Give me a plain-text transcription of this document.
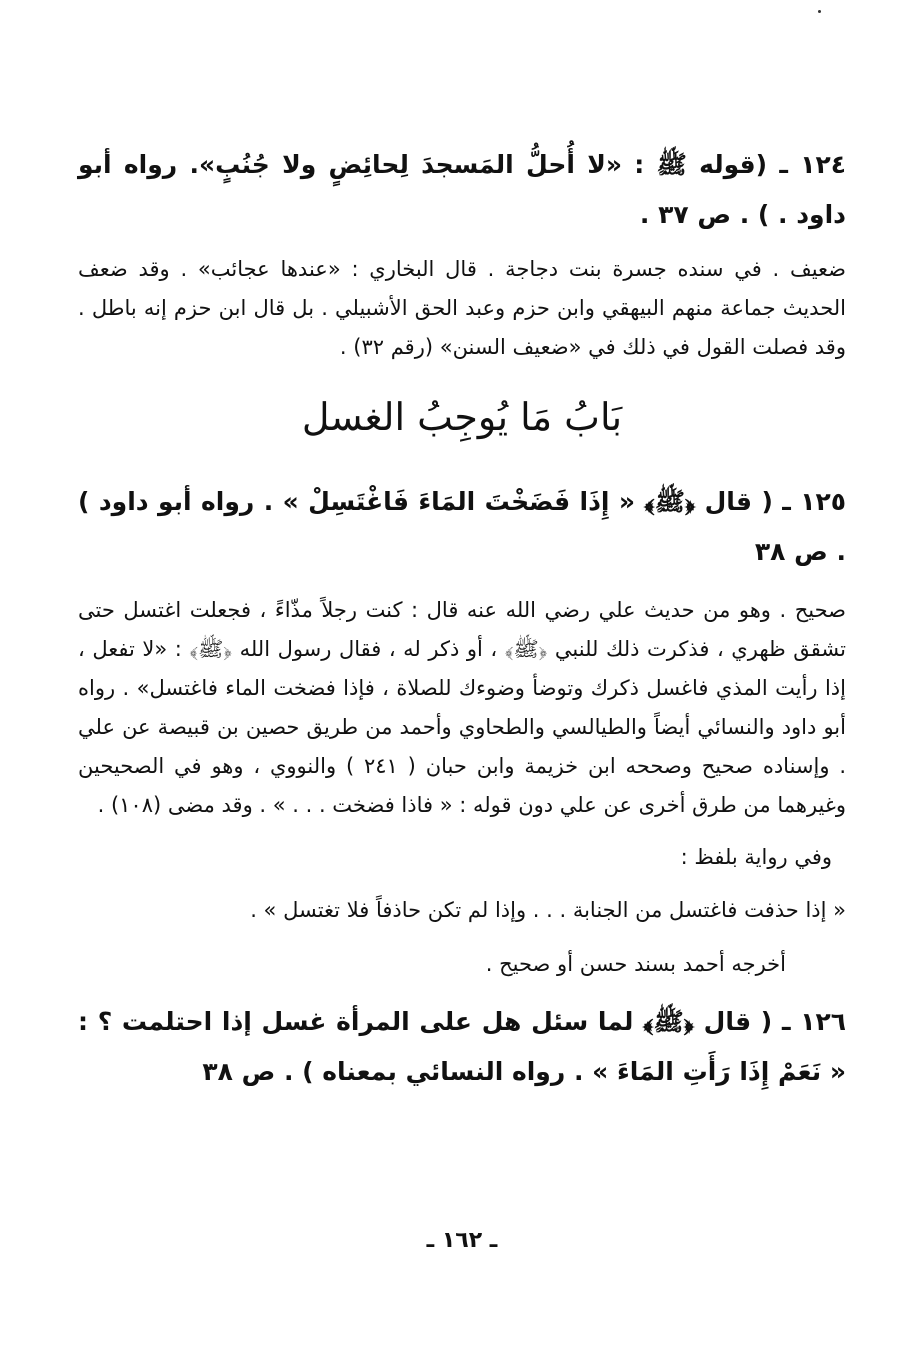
١٢٤ ـ (قوله ﷺ : «لا أُحلُّ المَسجدَ لِحائِضٍ ولا جُنُبٍ». رواه أبو داود . ) . ص ٣٧ .

ضعيف . في سنده جسرة بنت دجاجة . قال البخاري : «عندها عجائب» . وقد ضعف الحديث جماعة منهم البيهقي وابن حزم وعبد الحق الأشبيلي . بل قال ابن حزم إنه باطل . وقد فصلت القول في ذلك في «ضعيف السنن» (رقم ٣٢) .

بَابُ مَا يُوجِبُ الغسل

١٢٥ ـ ( قال ﴿ﷺ﴾ « إِذَا فَضَخْتَ المَاءَ فَاغْتَسِلْ » . رواه أبو داود ) . ص ٣٨

صحيح . وهو من حديث علي رضي الله عنه قال : كنت رجلاً مذّاءً ، فجعلت اغتسل حتى تشقق ظهري ، فذكرت ذلك للنبي ﴿ﷺ﴾ ، أو ذكر له ، فقال رسول الله ﴿ﷺ﴾ : «لا تفعل ، إذا رأيت المذي فاغسل ذكرك وتوضأ وضوءك للصلاة ، فإذا فضخت الماء فاغتسل» . رواه أبو داود والنسائي أيضاً والطيالسي والطحاوي وأحمد من طريق حصين بن قبيصة عن علي . وإسناده صحيح وصححه ابن خزيمة وابن حبان ( ٢٤١ ) والنووي ، وهو في الصحيحين وغيرهما من طرق أخرى عن علي دون قوله : « فاذا فضخت . . . » . وقد مضى (١٠٨) .

وفي رواية بلفظ :

« إذا حذفت فاغتسل من الجنابة . . . وإذا لم تكن حاذفاً فلا تغتسل » .

أخرجه أحمد بسند حسن أو صحيح .

١٢٦ ـ ( قال ﴿ﷺ﴾ لما سئل هل على المرأة غسل إذا احتلمت ؟ : « نَعَمْ إِذَا رَأَتِ المَاءَ » . رواه النسائي بمعناه ) . ص ٣٨

ـ ١٦٢ ـ
